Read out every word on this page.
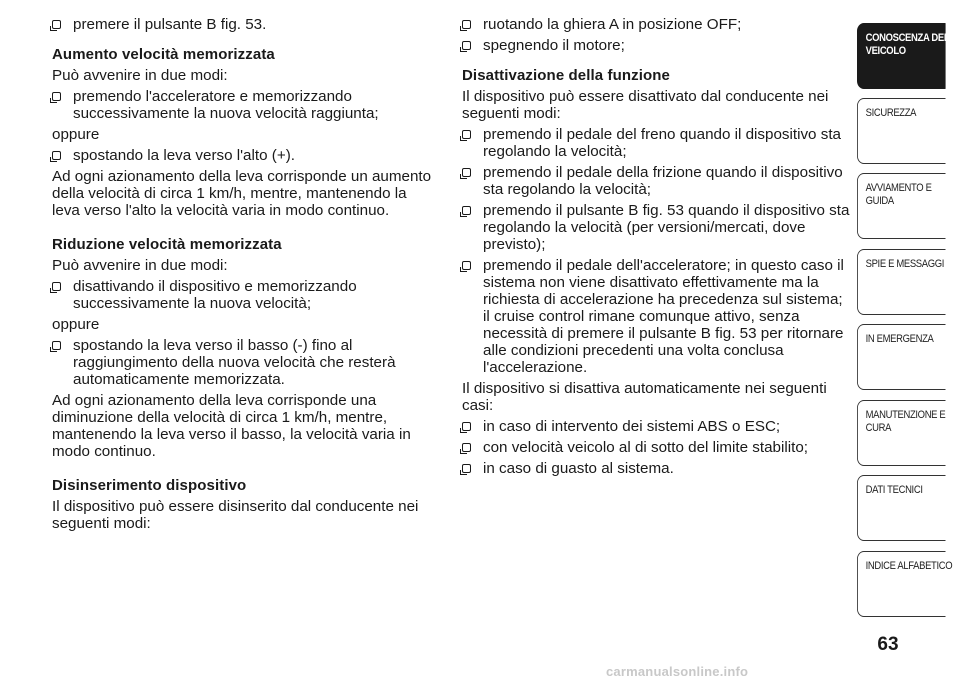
premere il pulsante B fig. 53.
Aumento velocità memorizzata

Può avvenire in due modi:

premendo l'acceleratore e memorizzando successivamente la nuova velocità raggiunta;

oppure

spostando la leva verso l'alto (+).

Ad ogni azionamento della leva corrisponde un aumento della velocità di circa 1 km/h, mentre, mantenendo la leva verso l'alto la velocità varia in modo continuo.

Riduzione velocità memorizzata

Può avvenire in due modi:

disattivando il dispositivo e memorizzando successivamente la nuova velocità;

oppure

spostando la leva verso il basso (-) fino al raggiungimento della nuova velocità che resterà automaticamente memorizzata.

Ad ogni azionamento della leva corrisponde una diminuzione della velocità di circa 1 km/h, mentre, mantenendo la leva verso il basso, la velocità varia in modo continuo.

Disinserimento dispositivo

Il dispositivo può essere disinserito dal conducente nei seguenti modi:

ruotando la ghiera A in posizione OFF;
spegnendo il motore;
Disattivazione della funzione

Il dispositivo può essere disattivato dal conducente nei seguenti modi:

premendo il pedale del freno quando il dispositivo sta regolando la velocità;
premendo il pedale della frizione quando il dispositivo sta regolando la velocità;
premendo il pulsante B fig. 53 quando il dispositivo sta regolando la velocità (per versioni/mercati, dove previsto);
premendo il pedale dell'acceleratore; in questo caso il sistema non viene disattivato effettivamente ma la richiesta di accelerazione ha precedenza sul sistema; il cruise control rimane comunque attivo, senza necessità di premere il pulsante B fig. 53 per ritornare alle condizioni precedenti una volta conclusa l'accelerazione.

Il dispositivo si disattiva automaticamente nei seguenti casi:

in caso di intervento dei sistemi ABS o ESC;
con velocità veicolo al di sotto del limite stabilito;
in caso di guasto al sistema.
CONOSCENZA DEL VEICOLO
SICUREZZA
AVVIAMENTO E GUIDA
SPIE E MESSAGGI
IN EMERGENZA
MANUTENZIONE E CURA
DATI TECNICI
INDICE ALFABETICO
63
carmanualsonline.info
